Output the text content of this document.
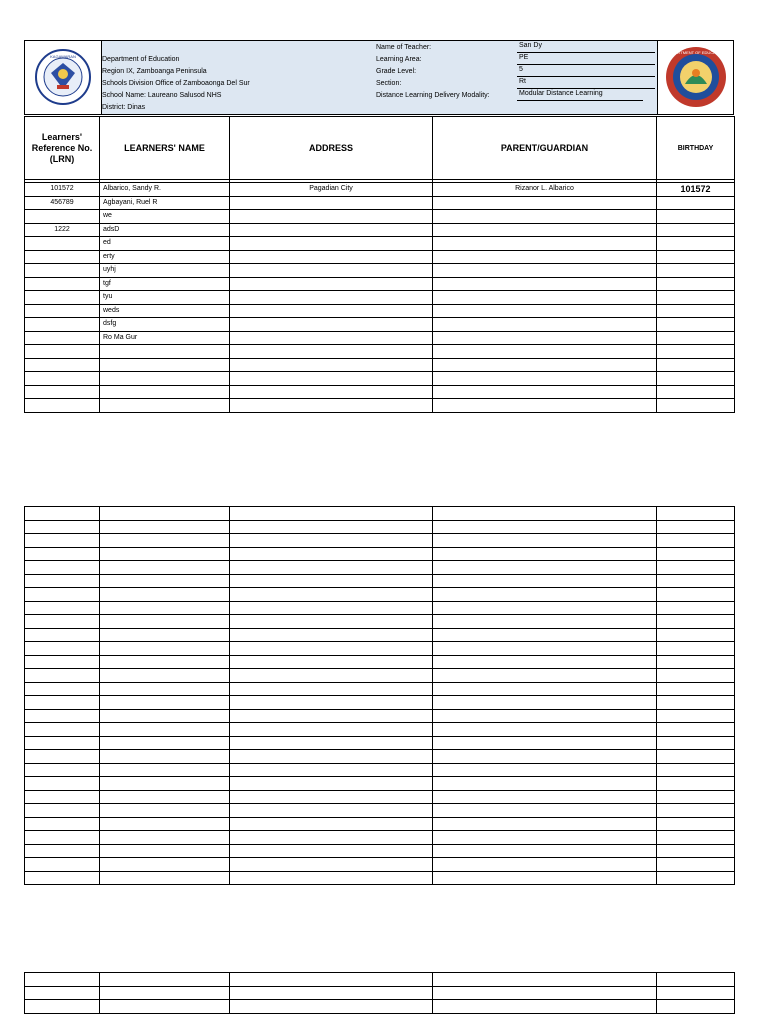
KAGAWARAN	Department of Education
Region IX, Zamboanga Peninsula
Schools Division Office of Zamboaonga Del Sur
School Name: Laureano Salusod NHS
District: Dinas
Name of Teacher:	San Dy
Learning Area:	PE
Grade Level:	5
Section:	Rt
Distance Learning Delivery Modality:	Modular Distance Learning
DEPARTMENT OF EDUCATION
Learners' Reference No. (LRN)	LEARNERS' NAME	ADDRESS	PARENT/GUARDIAN	BIRTHDAY

101572	Albarico, Sandy R.	Pagadian City	Rizanor L. Albarico	101572
456789	Agbayani, Ruel R			
	we			
1222	adsD			
	ed			
	erty			
	uyhj			
	tgf			
	tyu			
	weds			
	dsfg			
	Ro Ma Gur			
